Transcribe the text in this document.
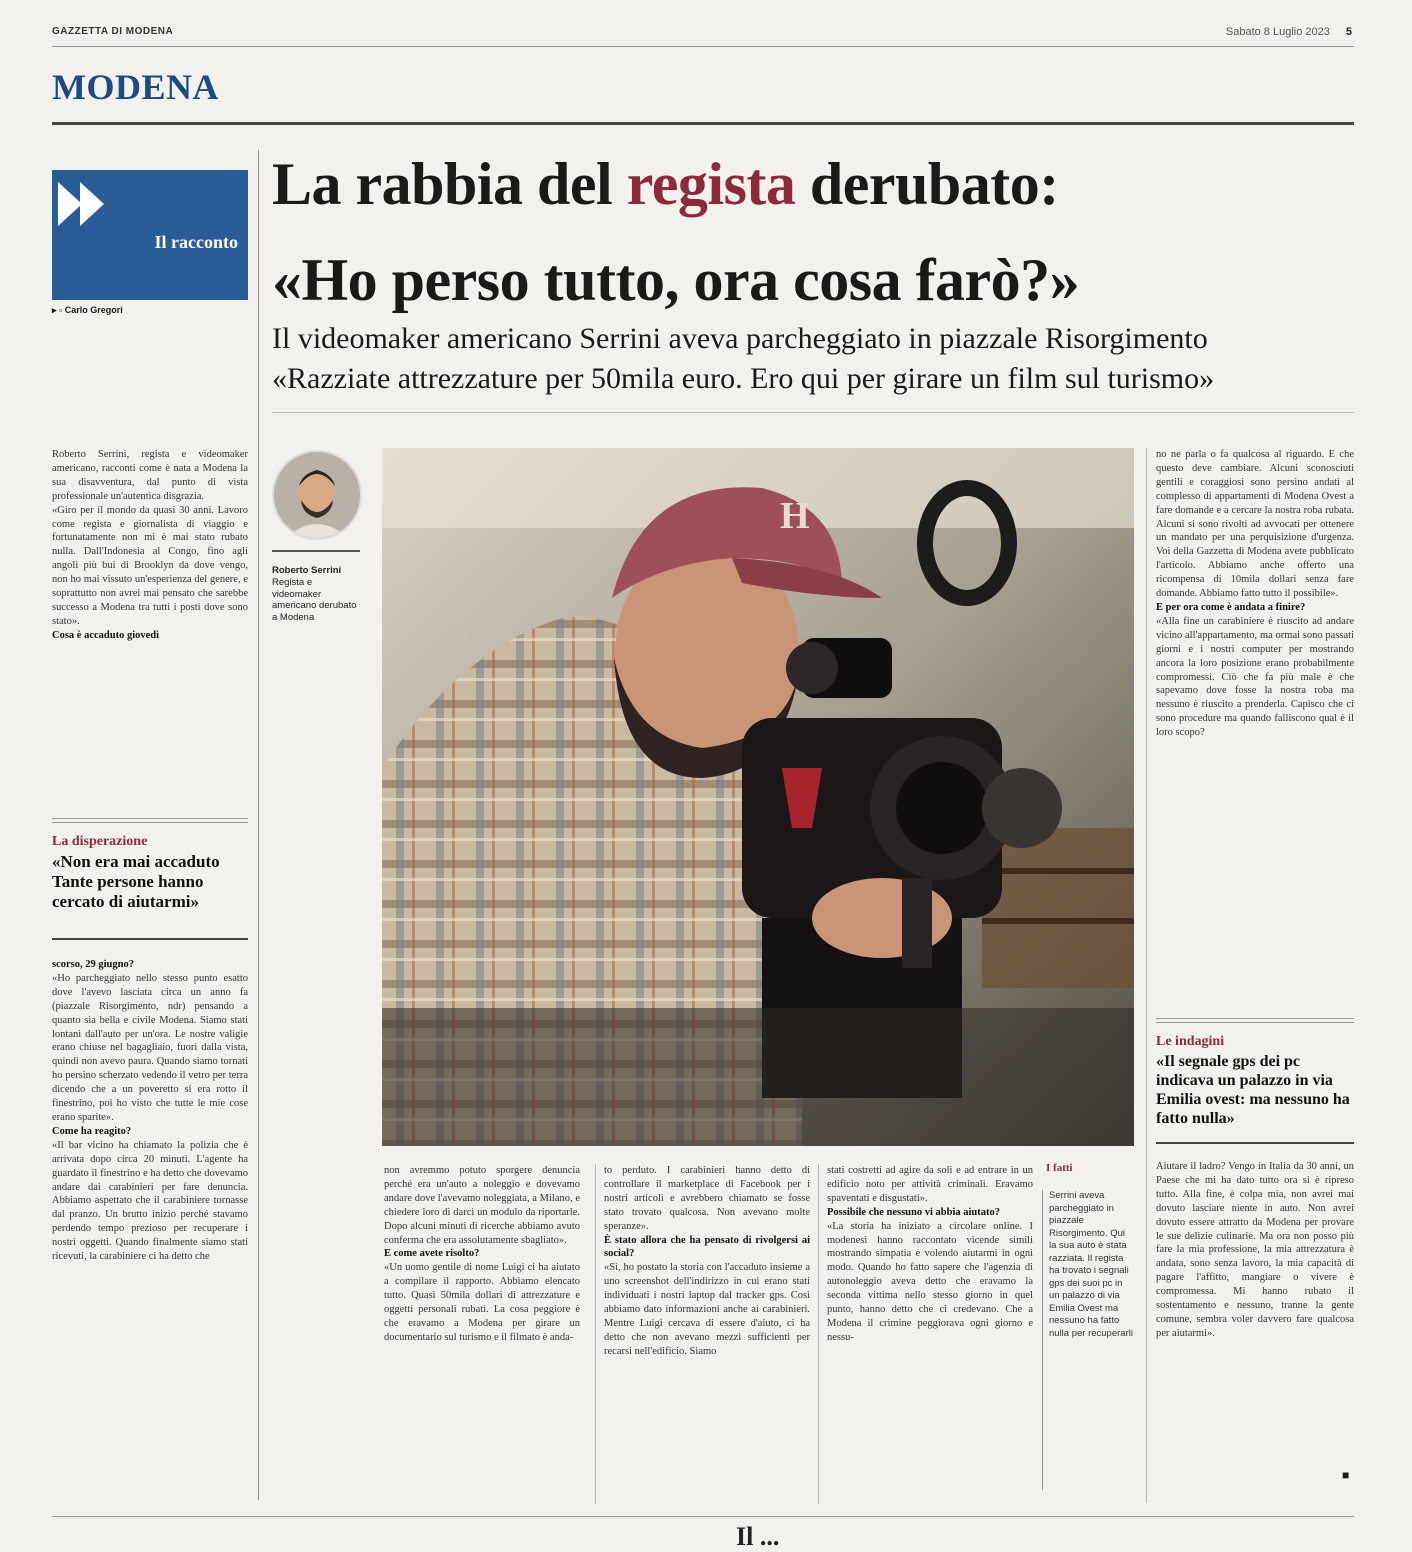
GAZZETTA DI MODENA	Sabato 8 Luglio 2023 5
MODENA
Il racconto
▸ ▫ Carlo Gregori
La rabbia del regista derubato:
«Ho perso tutto, ora cosa farò?»
Il videomaker americano Serrini aveva parcheggiato in piazzale Risorgimento
«Razziate attrezzature per 50mila euro. Ero qui per girare un film sul turismo»

Roberto Serrini, regista e videomaker americano, racconti come è nata a Modena la sua disavventura, dal punto di vista professionale un'autentica disgrazia.

«Giro per il mondo da quasi 30 anni. Lavoro come regista e giornalista di viaggio e fortunatamente non mi è mai stato rubato nulla. Dall'Indonesia al Congo, fino agli angoli più bui di Brooklyn da dove vengo, non ho mai vissuto un'esperienza del genere, e soprattutto non avrei mai pensato che sarebbe successo a Modena tra tutti i posti dove sono stato».

Cosa è accaduto giovedì

La disperazione
«Non era mai accaduto Tante persone hanno cercato di aiutarmi»

scorso, 29 giugno?

«Ho parcheggiato nello stesso punto esatto dove l'avevo lasciata circa un anno fa (piazzale Risorgimento, ndr) pensando a quanto sia bella e civile Modena. Siamo stati lontani dall'auto per un'ora. Le nostre valigie erano chiuse nel bagagliaio, fuori dalla vista, quindi non avevo paura. Quando siamo tornati ho persino scherzato vedendo il vetro per terra dicendo che a un poveretto si era rotto il finestrino, poi ho visto che tutte le mie cose erano sparite».

Come ha reagito?

«Il bar vicino ha chiamato la polizia che è arrivata dopo circa 20 minuti. L'agente ha guardato il finestrino e ha detto che dovevamo andare dai carabinieri per fare denuncia. Abbiamo aspettato che il carabiniere tornasse dal pranzo. Un brutto inizio perché stavamo perdendo tempo prezioso per recuperare i nostri oggetti. Quando finalmente siamo stati ricevuti, la carabiniere ci ha detto che

Roberto Serrini
Regista e videomaker americano derubato a Modena
H

non avremmo potuto sporgere denuncia perché era un'auto a noleggio e dovevamo andare dove l'avevamo noleggiata, a Milano, e chiedere loro di darci un modulo da riportarle. Dopo alcuni minuti di ricerche abbiamo avuto conferma che era assolutamente sbagliato».

E come avete risolto?

«Un uomo gentile di nome Luigi ci ha aiutato a compilare il rapporto. Abbiamo elencato tutto. Quasi 50mila dollari di attrezzature e oggetti personali rubati. La cosa peggiore è che eravamo a Modena per girare un documentario sul turismo e il filmato è anda-

to perduto. I carabinieri hanno detto di controllare il marketplace di Facebook per i nostri articoli e avrebbero chiamato se fosse stato trovato qualcosa. Non avevano molte speranze».

È stato allora che ha pensato di rivolgersi ai social?

«Sì, ho postato la storia con l'accaduto insieme a uno screenshot dell'indirizzo in cui erano stati individuati i nostri laptop dal tracker gps. Così abbiamo dato informazioni anche ai carabinieri. Mentre Luigi cercava di essere d'aiuto, ci ha detto che non avevano mezzi sufficienti per recarsi nell'edificio. Siamo

stati costretti ad agire da soli e ad entrare in un edificio noto per attività criminali. Eravamo spaventati e disgustati».

Possibile che nessuno vi abbia aiutato?

«La storia ha iniziato a circolare online. I modenesi hanno raccontato vicende simili mostrando simpatia e volendo aiutarmi in ogni modo. Quando ho fatto sapere che l'agenzia di autonoleggio aveva detto che eravamo la seconda vittima nello stesso giorno in quel punto, hanno detto che ci credevano. Che a Modena il crimine peggiorava ogni giorno e nessu-

I fatti
Serrini aveva parcheggiato in piazzale Risorgimento. Qui la sua auto è stata razziata. Il regista ha trovato i segnali gps dei suoi pc in un palazzo di via Emilia Ovest ma nessuno ha fatto nulla per recuperarli

no ne parla o fa qualcosa al riguardo. E che questo deve cambiare. Alcuni sconosciuti gentili e coraggiosi sono persino andati al complesso di appartamenti di Modena Ovest a fare domande e a cercare la nostra roba rubata. Alcuni si sono rivolti ad avvocati per ottenere un mandato per una perquisizione d'urgenza. Voi della Gazzetta di Modena avete pubblicato l'articolo. Abbiamo anche offerto una ricompensa di 10mila dollari senza fare domande. Abbiamo fatto tutto il possibile».

E per ora come è andata a finire?

«Alla fine un carabiniere è riuscito ad andare vicino all'appartamento, ma ormai sono passati giorni e i nostri computer per mostrando ancora la loro posizione erano probabilmente compromessi. Ciò che fa più male è che sapevamo dove fosse la nostra roba ma nessuno è riuscito a prenderla. Capisco che ci sono procedure ma quando falliscono qual è il loro scopo?

Le indagini
«Il segnale gps dei pc indicava un palazzo in via Emilia ovest: ma nessuno ha fatto nulla»

Aiutare il ladro? Vengo in Italia da 30 anni, un Paese che mi ha dato tutto ora si è ripreso tutto. Alla fine, è colpa mia, non avrei mai dovuto lasciare niente in auto. Non avrei dovuto essere attratto da Modena per provare le sue delizie culinarie. Ma ora non posso più fare la mia professione, la mia attrezzatura è andata, sono senza lavoro, la mia capacità di pagare l'affitto, mangiare o vivere è compromessa. Mi hanno rubato il sostentamento e nessuno, tranne la gente comune, sembra voler davvero fare qualcosa per aiutarmi».

■
Il ...
